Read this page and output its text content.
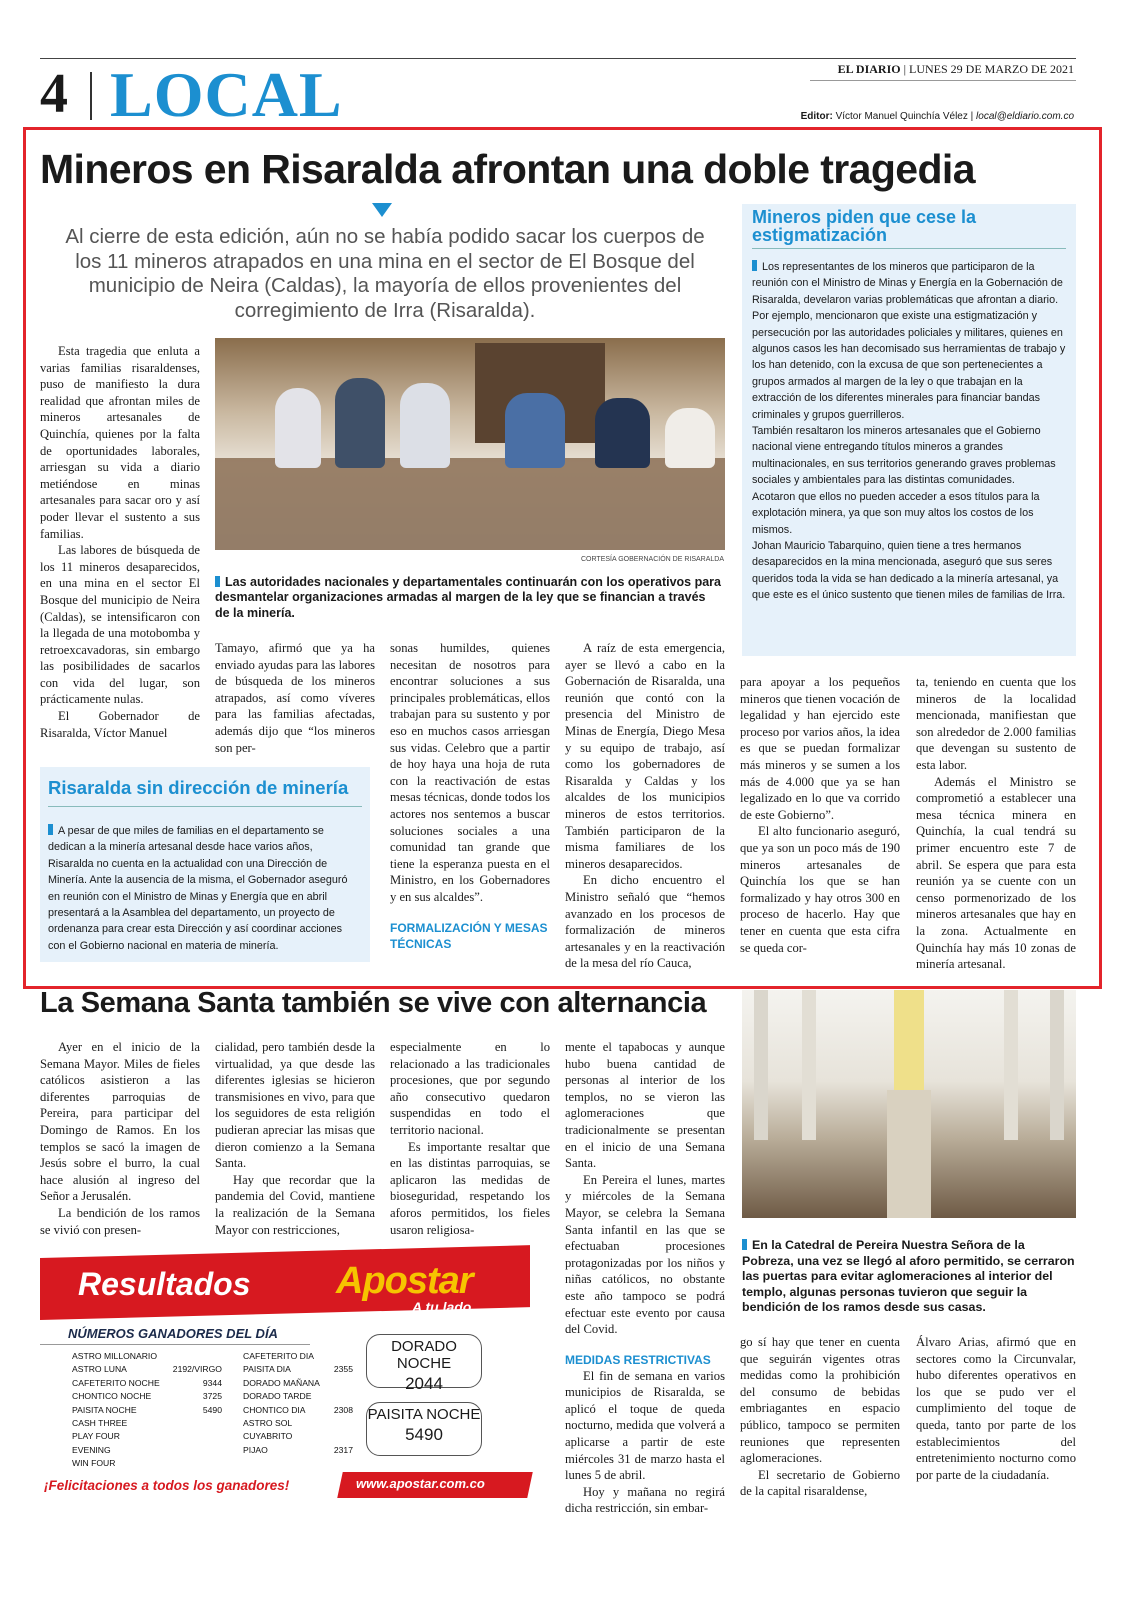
4 LOCAL	EL DIARIO | LUNES 29 DE MARZO DE 2021
Editor: Víctor Manuel Quinchía Vélez | local@eldiario.com.co
Mineros en Risaralda afrontan una doble tragedia
Al cierre de esta edición, aún no se había podido sacar los cuerpos de los 11 mineros atrapados en una mina en el sector de El Bosque del municipio de Neira (Caldas), la mayoría de ellos provenientes del corregimiento de Irra (Risaralda).
Mineros piden que cese la estigmatización

Los representantes de los mineros que participaron de la reunión con el Ministro de Minas y Energía en la Gobernación de Risaralda, develaron varias problemáticas que afrontan a diario. Por ejemplo, mencionaron que existe una estigmatización y persecución por las autoridades policiales y militares, quienes en algunos casos les han decomisado sus herramientas de trabajo y los han detenido, con la excusa de que son pertenecientes a grupos armados al margen de la ley o que trabajan en la extracción de los diferentes minerales para financiar bandas criminales y grupos guerrilleros.

También resaltaron los mineros artesanales que el Gobierno nacional viene entregando títulos mineros a grandes multinacionales, en sus territorios generando graves problemas sociales y ambientales para las distintas comunidades.

Acotaron que ellos no pueden acceder a esos títulos para la explotación minera, ya que son muy altos los costos de los mismos.

Johan Mauricio Tabarquino, quien tiene a tres hermanos desaparecidos en la mina mencionada, aseguró que sus seres queridos toda la vida se han dedicado a la minería artesanal, ya que este es el único sustento que tienen miles de familias de Irra.

CORTESÍA GOBERNACIÓN DE RISARALDA
Las autoridades nacionales y departamentales continuarán con los operativos para desmantelar organizaciones armadas al margen de la ley que se financian a través de la minería.

Esta tragedia que enluta a varias familias risaraldenses, puso de manifiesto la dura realidad que afrontan miles de mineros artesanales de Quinchía, quienes por la falta de oportunidades laborales, arriesgan su vida a diario metiéndose en minas artesanales para sacar oro y así poder llevar el sustento a sus familias.

Las labores de búsqueda de los 11 mineros desaparecidos, en una mina en el sector El Bosque del municipio de Neira (Caldas), se intensificaron con la llegada de una motobomba y retroexcavadoras, sin embargo las posibilidades de sacarlos con vida del lugar, son prácticamente nulas.

El Gobernador de Risaralda, Víctor Manuel

Risaralda sin dirección de minería
A pesar de que miles de familias en el departamento se dedican a la minería artesanal desde hace varios años, Risaralda no cuenta en la actualidad con una Dirección de Minería. Ante la ausencia de la misma, el Gobernador aseguró en reunión con el Ministro de Minas y Energía que en abril presentará a la Asamblea del departamento, un proyecto de ordenanza para crear esta Dirección y así coordinar acciones con el Gobierno nacional en materia de minería.

Tamayo, afirmó que ya ha enviado ayudas para las labores de búsqueda de los mineros atrapados, así como víveres para las familias afectadas, además dijo que “los mineros son per-

sonas humildes, quienes necesitan de nosotros para encontrar soluciones a sus principales problemáticas, ellos trabajan para su sustento y por eso en muchos casos arriesgan sus vidas. Celebro que a partir de hoy haya una hoja de ruta con la reactivación de estas mesas técnicas, donde todos los actores nos sentemos a buscar soluciones sociales a una comunidad tan grande que tiene la esperanza puesta en el Ministro, en los Gobernadores y en sus alcaldes”.

FORMALIZACIÓN Y MESAS TÉCNICAS

A raíz de esta emergencia, ayer se llevó a cabo en la Gobernación de Risaralda, una reunión que contó con la presencia del Ministro de Minas de Energía, Diego Mesa y su equipo de trabajo, así como los gobernadores de Risaralda y Caldas y los alcaldes de los municipios mineros de estos territorios. También participaron de la misma familiares de los mineros desaparecidos.

En dicho encuentro el Ministro señaló que “hemos avanzado en los procesos de formalización de mineros artesanales y en la reactivación de la mesa del río Cauca,

para apoyar a los pequeños mineros que tienen vocación de legalidad y han ejercido este proceso por varios años, la idea es que se puedan formalizar más mineros y se sumen a los más de 4.000 que ya se han legalizado en lo que va corrido de este Gobierno”.

El alto funcionario aseguró, que ya son un poco más de 190 mineros artesanales de Quinchía los que se han formalizado y hay otros 300 en proceso de hacerlo. Hay que tener en cuenta que esta cifra se queda cor-

ta, teniendo en cuenta que los mineros de la localidad mencionada, manifiestan que son alrededor de 2.000 familias que devengan su sustento de esta labor.

Además el Ministro se comprometió a establecer una mesa técnica minera en Quinchía, la cual tendrá su primer encuentro este 7 de abril. Se espera que para esta reunión ya se cuente con un censo pormenorizado de los mineros artesanales que hay en la zona. Actualmente en Quinchía hay más 10 zonas de minería artesanal.

La Semana Santa también se vive con alternancia

Ayer en el inicio de la Semana Mayor. Miles de fieles católicos asistieron a las diferentes parroquias de Pereira, para participar del Domingo de Ramos. En los templos se sacó la imagen de Jesús sobre el burro, la cual hace alusión al ingreso del Señor a Jerusalén.

La bendición de los ramos se vivió con presen-

cialidad, pero también desde la virtualidad, ya que desde las diferentes iglesias se hicieron transmisiones en vivo, para que los seguidores de esta religión pudieran apreciar las misas que dieron comienzo a la Semana Santa.

Hay que recordar que la pandemia del Covid, mantiene la realización de la Semana Mayor con restricciones,

especialmente en lo relacionado a las tradicionales procesiones, que por segundo año consecutivo quedaron suspendidas en todo el territorio nacional.

Es importante resaltar que en las distintas parroquias, se aplicaron las medidas de bioseguridad, respetando los aforos permitidos, los fieles usaron religiosa-

mente el tapabocas y aunque hubo buena cantidad de personas al interior de los templos, no se vieron las aglomeraciones que tradicionalmente se presentan en el inicio de una Semana Santa.

En Pereira el lunes, martes y miércoles de la Semana Mayor, se celebra la Semana Santa infantil en las que se efectuaban procesiones protagonizadas por los niños y niñas católicos, no obstante este año tampoco se podrá efectuar este evento por causa del Covid.

MEDIDAS RESTRICTIVAS

El fin de semana en varios municipios de Risaralda, se aplicó el toque de queda nocturno, medida que volverá a aplicarse a partir de este miércoles 31 de marzo hasta el lunes 5 de abril.

Hoy y mañana no regirá dicha restricción, sin embar-

go sí hay que tener en cuenta que seguirán vigentes otras medidas como la prohibición del consumo de bebidas embriagantes en espacio público, tampoco se permiten reuniones que representen aglomeraciones.

El secretario de Gobierno de la capital risaraldense,

Álvaro Arias, afirmó que en sectores como la Circunvalar, hubo diferentes operativos en los que se pudo ver el cumplimiento del toque de queda, tanto por parte de los establecimientos del entretenimiento nocturno como por parte de la ciudadanía.

En la Catedral de Pereira Nuestra Señora de la Pobreza, una vez se llegó al aforo permitido, se cerraron las puertas para evitar aglomeraciones al interior del templo, algunas personas tuvieron que seguir la bendición de los ramos desde sus casas.
Resultados Apostar
A tu lado
NÚMEROS GANADORES DEL DÍA
ASTRO MILLONARIO
ASTRO LUNA	2192/VIRGO
CAFETERITO NOCHE	9344
CHONTICO NOCHE	3725
PAISITA NOCHE	5490
CASH THREE
PLAY FOUR
EVENING
WIN FOUR
CAFETERITO DIA
PAISITA DIA	2355
DORADO MAÑANA
DORADO TARDE
CHONTICO DIA	2308
ASTRO SOL
CUYABRITO
PIJAO	2317
DORADO NOCHE
2044
PAISITA NOCHE
5490
¡Felicitaciones a todos los ganadores!	www.apostar.com.co
